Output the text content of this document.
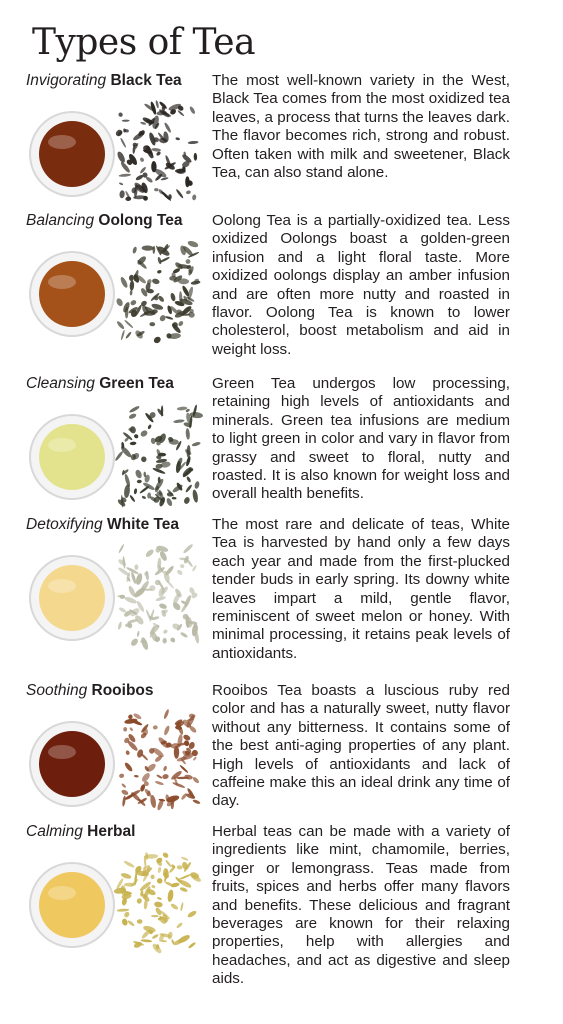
Types of Tea
Invigorating Black Tea The most well-known variety in the West, Black Tea comes from the most oxidized tea leaves, a process that turns the leaves dark. The flavor becomes rich, strong and robust. Often taken with milk and sweetener, Black Tea, can also stand alone.
Balancing Oolong Tea Oolong Tea is a partially-oxidized tea. Less oxidized Oolongs boast a golden-green infusion and a light floral taste. More oxidized oolongs display an amber infusion and are often more nutty and roasted in flavor. Oolong Tea is known to lower cholesterol, boost metabolism and aid in weight loss.
Cleansing Green Tea	Green Tea undergos low processing, retaining high levels of antioxidants and minerals. Green tea infusions are medium to light green in color and vary in flavor from grassy and sweet to floral, nutty and roasted. It is also known for weight loss and overall health benefits.
Detoxifying White Tea The most rare and delicate of teas, White Tea is harvested by hand only a few days each year and made from the first-plucked tender buds in early spring. Its downy white leaves impart a mild, gentle flavor, reminiscent of sweet melon or honey. With minimal processing, it retains peak levels of antioxidants.
Soothing Rooibos	Rooibos Tea boasts a luscious ruby red color and has a naturally sweet, nutty flavor without any bitterness. It contains some of the best anti-aging properties of any plant. High levels of antioxidants and lack of caffeine make this an ideal drink any time of day.
Calming Herbal	Herbal teas can be made with a variety of ingredients like mint, chamomile, berries, ginger or lemongrass. Teas made from fruits, spices and herbs offer many flavors and benefits. These delicious and fragrant beverages are known for their relaxing properties, help with allergies and headaches, and act as digestive and sleep aids.
